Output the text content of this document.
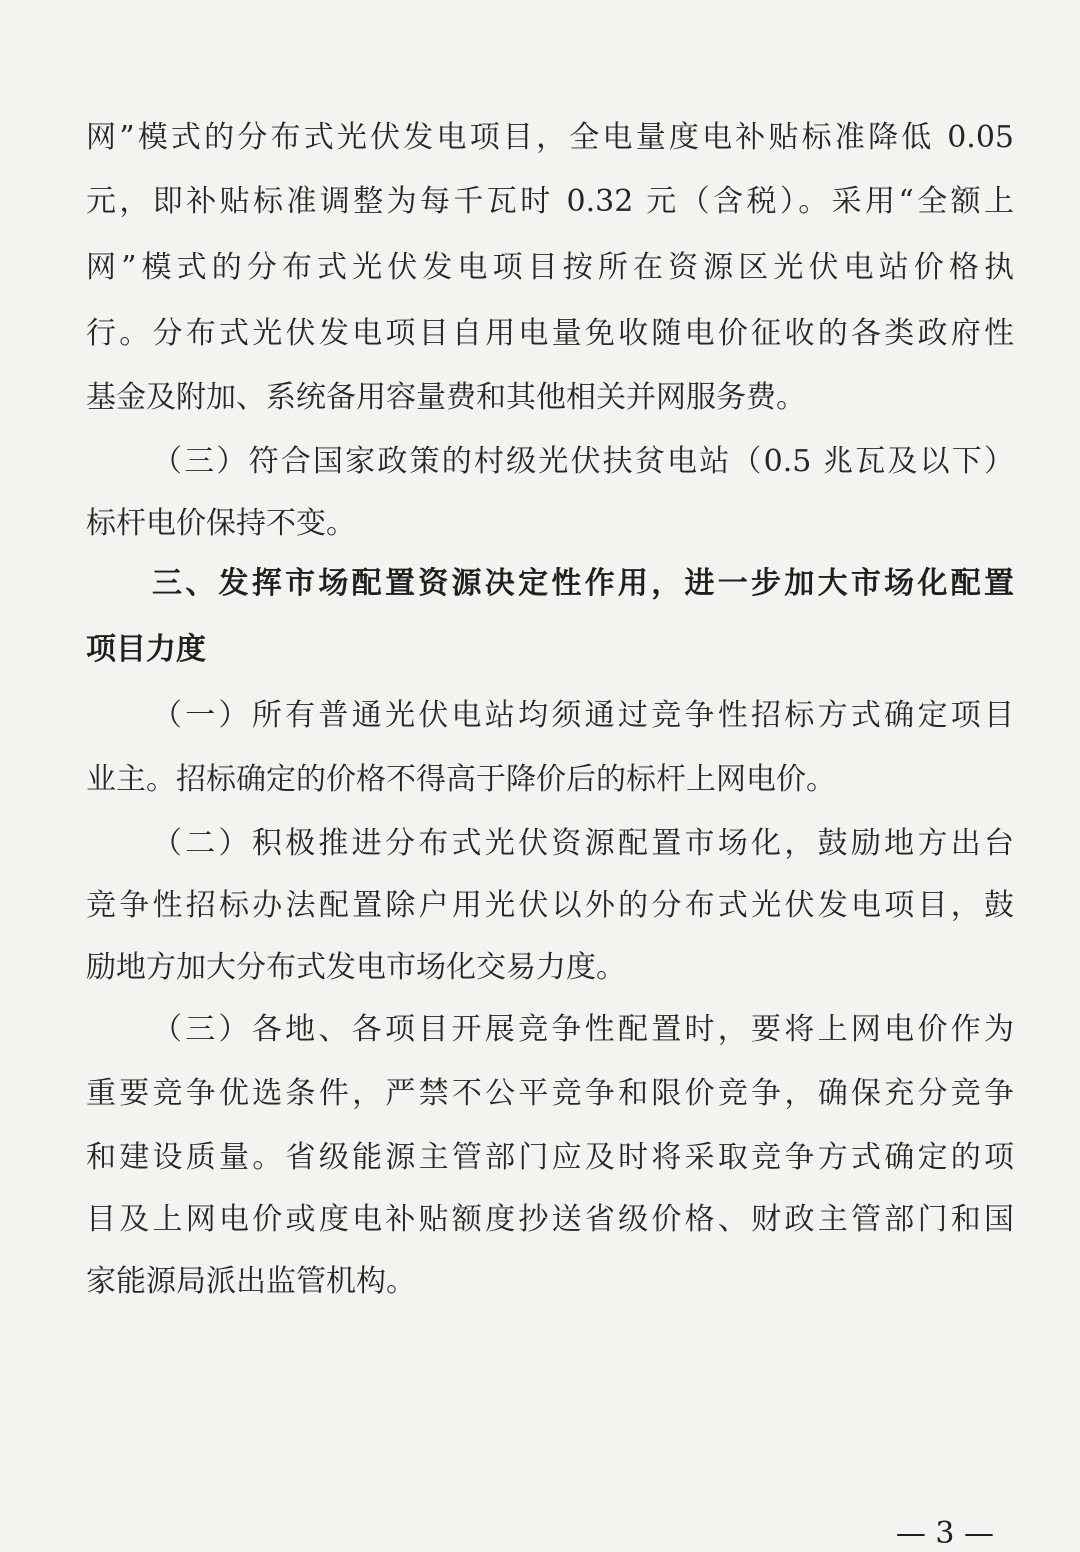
网”模式的分布式光伏发电项目，全电量度电补贴标准降低 0.05
元，即补贴标准调整为每千瓦时 0.32 元（含税）。采用“全额上
网”模式的分布式光伏发电项目按所在资源区光伏电站价格执
行。分布式光伏发电项目自用电量免收随电价征收的各类政府性
基金及附加、系统备用容量费和其他相关并网服务费。
（三）符合国家政策的村级光伏扶贫电站（0.5 兆瓦及以下）
标杆电价保持不变。
三、发挥市场配置资源决定性作用，进一步加大市场化配置
项目力度
（一）所有普通光伏电站均须通过竞争性招标方式确定项目
业主。招标确定的价格不得高于降价后的标杆上网电价。
（二）积极推进分布式光伏资源配置市场化，鼓励地方出台
竞争性招标办法配置除户用光伏以外的分布式光伏发电项目，鼓
励地方加大分布式发电市场化交易力度。
（三）各地、各项目开展竞争性配置时，要将上网电价作为
重要竞争优选条件，严禁不公平竞争和限价竞争，确保充分竞争
和建设质量。省级能源主管部门应及时将采取竞争方式确定的项
目及上网电价或度电补贴额度抄送省级价格、财政主管部门和国
家能源局派出监管机构。
— 3 —
